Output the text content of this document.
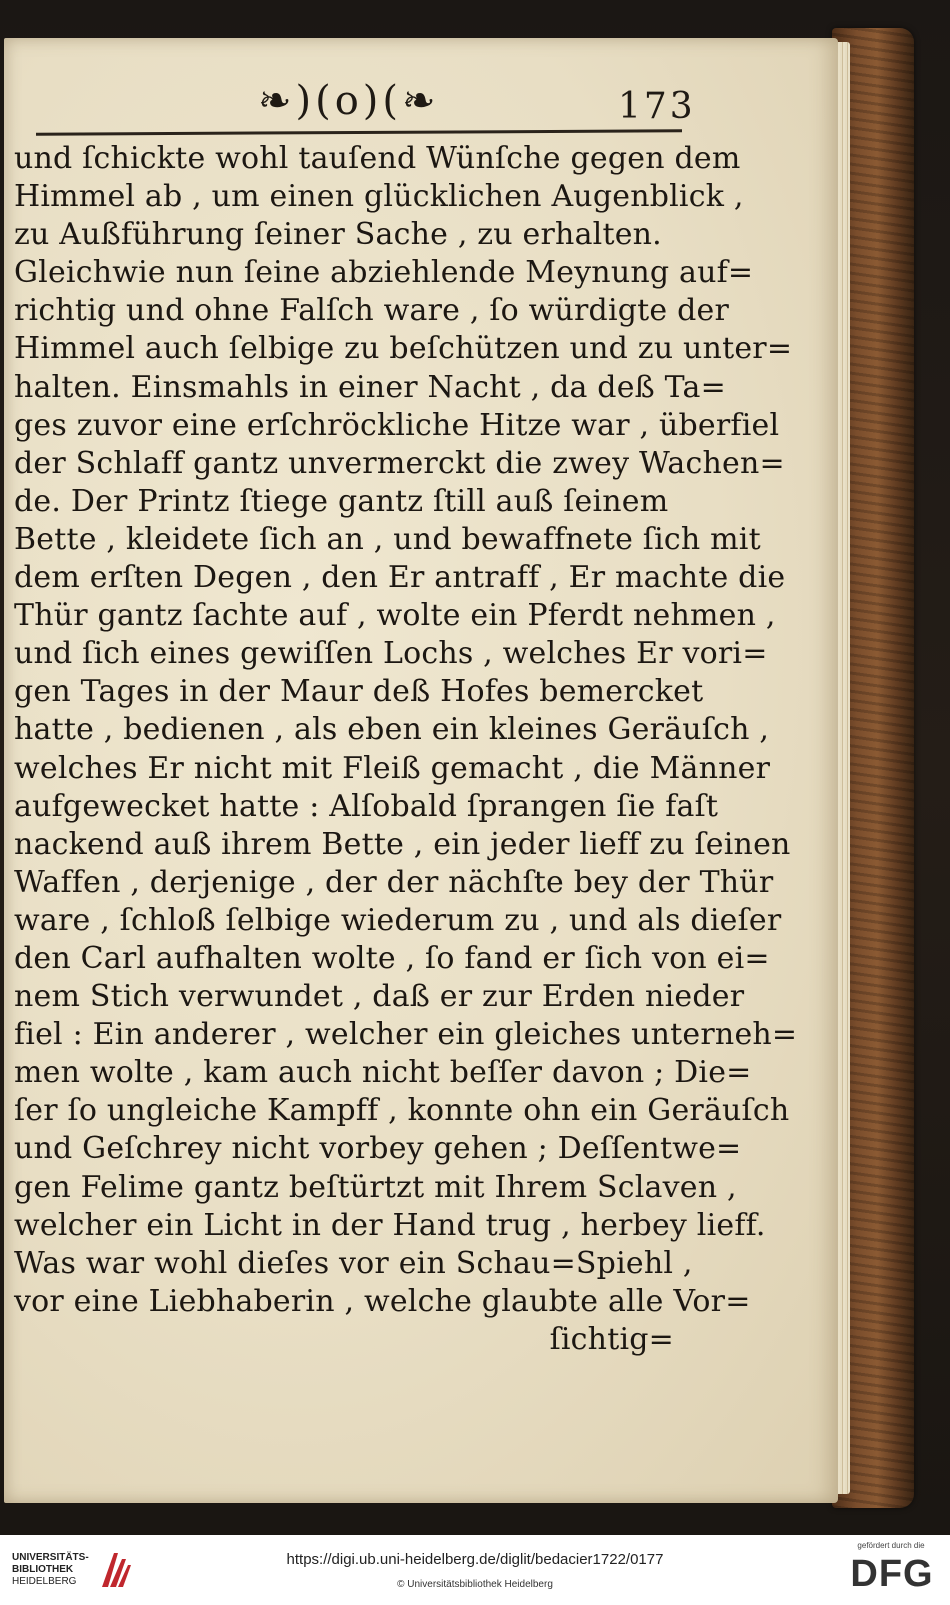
❧)(o)(❧	173
und ſchickte wohl tauſend Wünſche gegen dem
Himmel ab , um einen glücklichen Augenblick ,
zu Außführung ſeiner Sache , zu erhalten.
Gleichwie nun ſeine abziehlende Meynung auf=
richtig und ohne Falſch ware , ſo würdigte der
Himmel auch ſelbige zu beſchützen und zu unter=
halten. Einsmahls in einer Nacht , da deß Ta=
ges zuvor eine erſchröckliche Hitze war , überfiel
der Schlaff gantz unvermerckt die zwey Wachen=
de. Der Printz ſtiege gantz ſtill auß ſeinem
Bette , kleidete ſich an , und bewaffnete ſich mit
dem erſten Degen , den Er antraff , Er machte die
Thür gantz ſachte auf , wolte ein Pferdt nehmen ,
und ſich eines gewiſſen Lochs , welches Er vori=
gen Tages in der Maur deß Hofes bemercket
hatte , bedienen , als eben ein kleines Geräuſch ,
welches Er nicht mit Fleiß gemacht , die Männer
aufgewecket hatte : Alſobald ſprangen ſie faſt
nackend auß ihrem Bette , ein jeder lieff zu ſeinen
Waffen , derjenige , der der nächſte bey der Thür
ware , ſchloß ſelbige wiederum zu , und als dieſer
den Carl aufhalten wolte , ſo fand er ſich von ei=
nem Stich verwundet , daß er zur Erden nieder
fiel : Ein anderer , welcher ein gleiches unterneh=
men wolte , kam auch nicht beſſer davon ; Die=
ſer ſo ungleiche Kampff , konnte ohn ein Geräuſch
und Geſchrey nicht vorbey gehen ; Deſſentwe=
gen Felime gantz beſtürtzt mit Ihrem Sclaven ,
welcher ein Licht in der Hand trug , herbey lieff.
Was war wohl dieſes vor ein Schau=Spiehl ,
vor eine Liebhaberin , welche glaubte alle Vor=
ſichtig=
UNIVERSITÄTS-
BIBLIOTHEK
HEIDELBERG
https://digi.ub.uni-heidelberg.de/diglit/bedacier1722/0177
© Universitätsbibliothek Heidelberg
gefördert durch die
DFG
